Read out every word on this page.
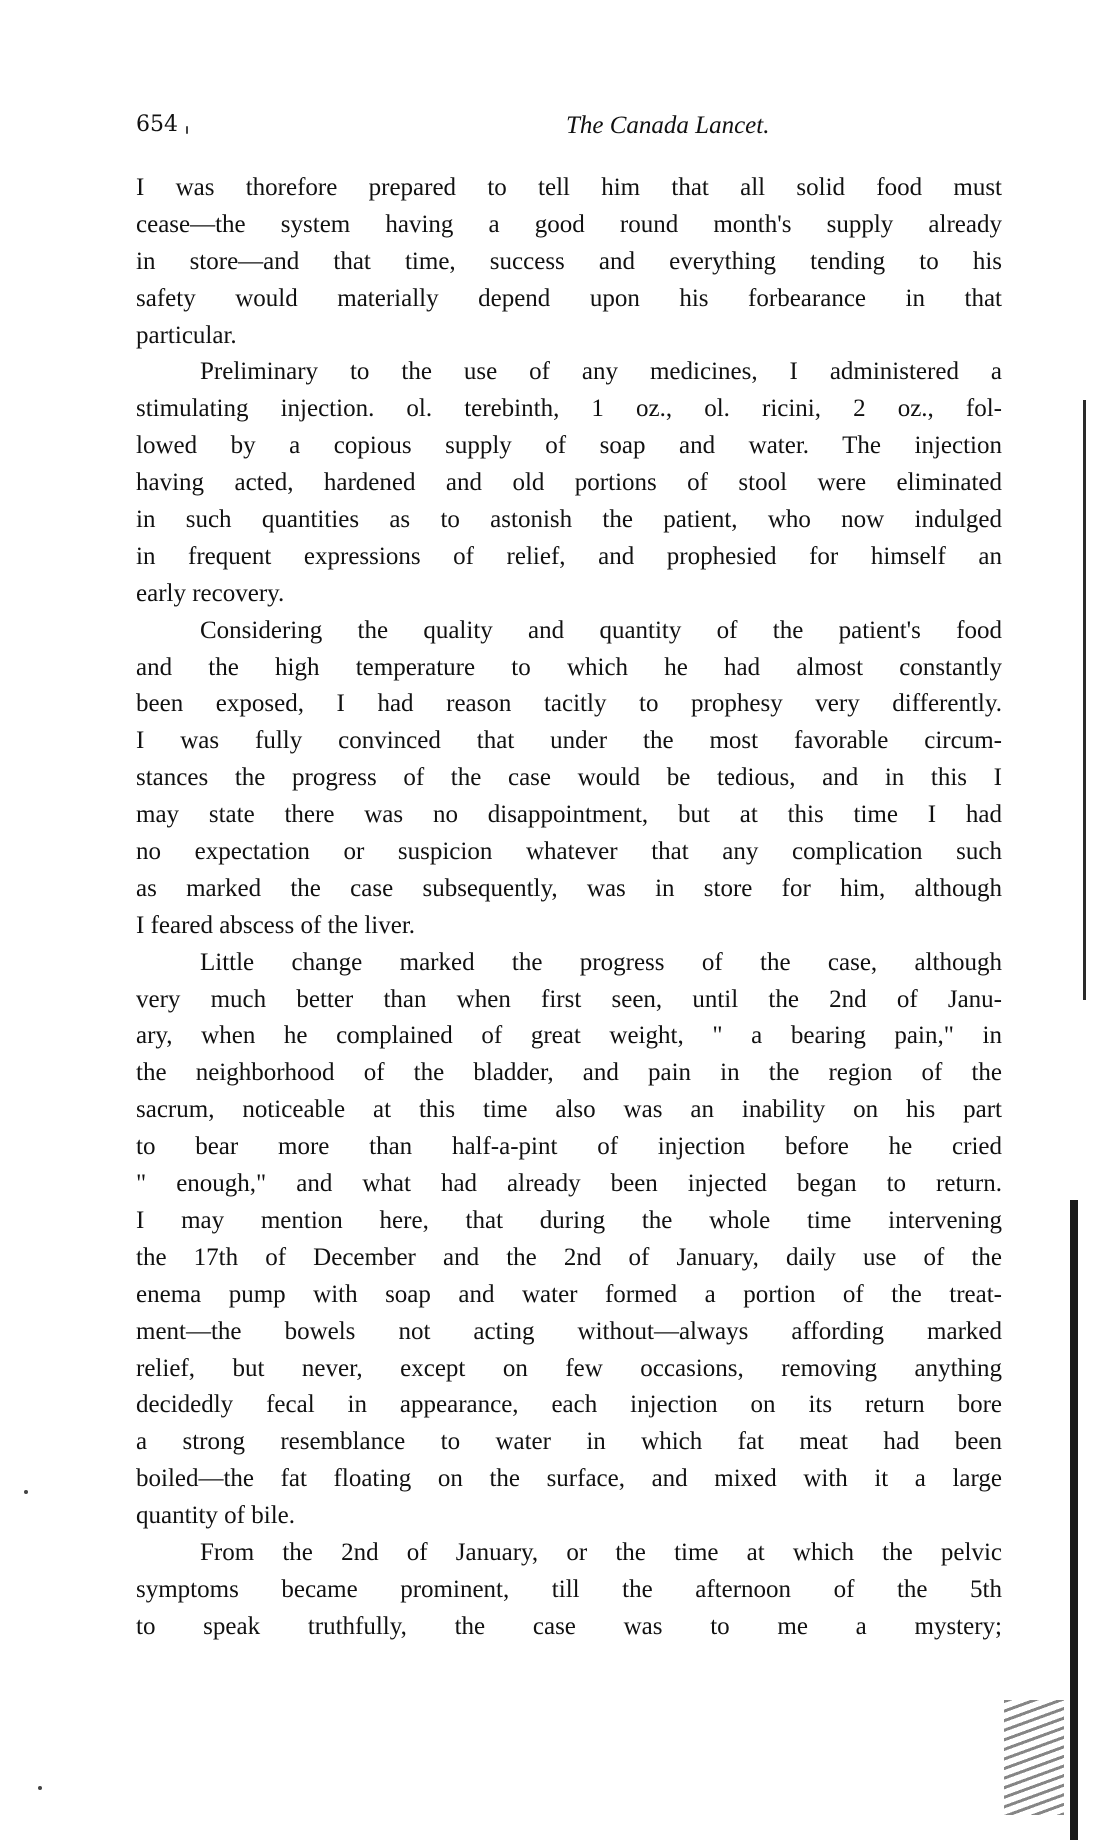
654	The Canada Lancet.
I was thorefore prepared to tell him that all solid food must
cease—the system having a good round month's supply already
in store—and that time, success and everything tending to his
safety would materially depend upon his forbearance in that
particular.
Preliminary to the use of any medicines, I administered a
stimulating injection. ol. terebinth, 1 oz., ol. ricini, 2 oz., fol-
lowed by a copious supply of soap and water. The injection
having acted, hardened and old portions of stool were eliminated
in such quantities as to astonish the patient, who now indulged
in frequent expressions of relief, and prophesied for himself an
early recovery.
Considering the quality and quantity of the patient's food
and the high temperature to which he had almost constantly
been exposed, I had reason tacitly to prophesy very differently.
I was fully convinced that under the most favorable circum-
stances the progress of the case would be tedious, and in this I
may state there was no disappointment, but at this time I had
no expectation or suspicion whatever that any complication such
as marked the case subsequently, was in store for him, although
I feared abscess of the liver.
Little change marked the progress of the case, although
very much better than when first seen, until the 2nd of Janu-
ary, when he complained of great weight, " a bearing pain," in
the neighborhood of the bladder, and pain in the region of the
sacrum, noticeable at this time also was an inability on his part
to bear more than half-a-pint of injection before he cried
" enough," and what had already been injected began to return.
I may mention here, that during the whole time intervening
the 17th of December and the 2nd of January, daily use of the
enema pump with soap and water formed a portion of the treat-
ment—the bowels not acting without—always affording marked
relief, but never, except on few occasions, removing anything
decidedly fecal in appearance, each injection on its return bore
a strong resemblance to water in which fat meat had been
boiled—the fat floating on the surface, and mixed with it a large
quantity of bile.
From the 2nd of January, or the time at which the pelvic
symptoms became prominent, till the afternoon of the 5th
to speak truthfully, the case was to me a mystery;
